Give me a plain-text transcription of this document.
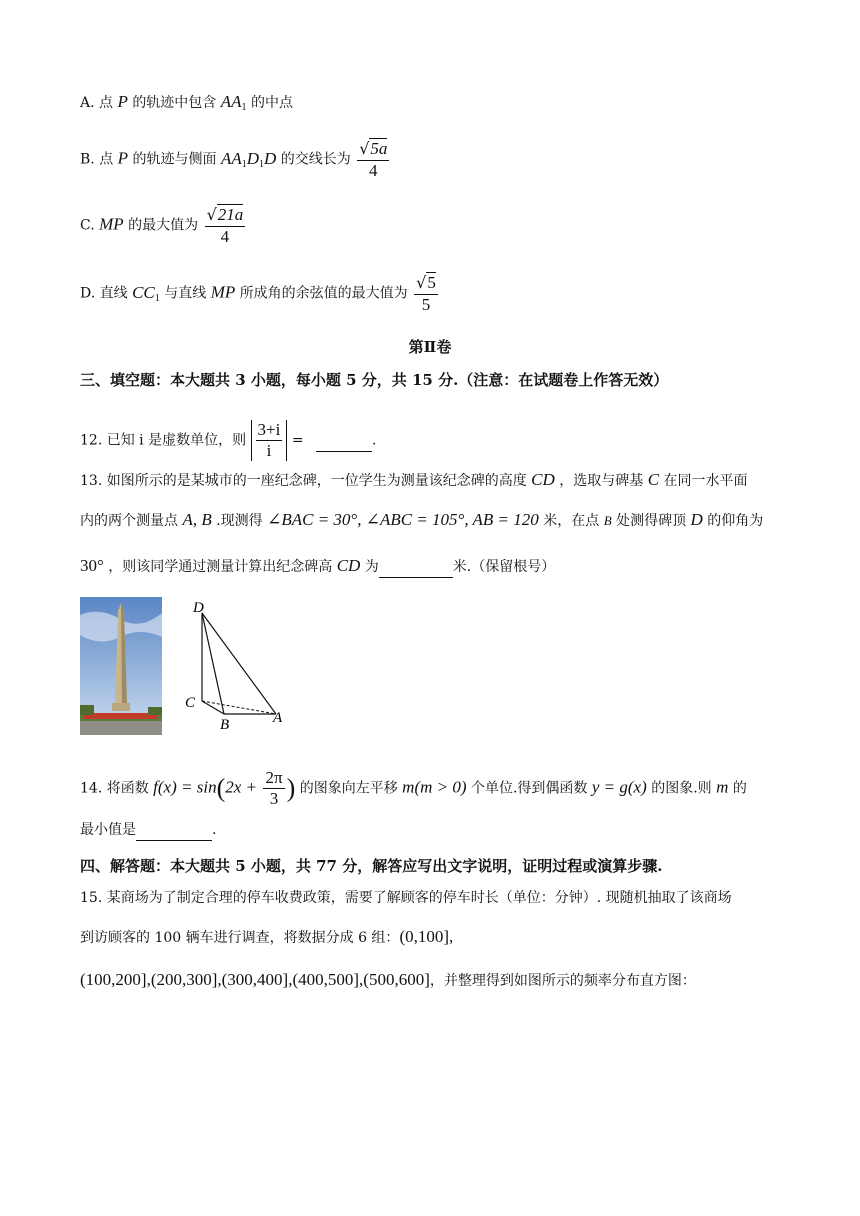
A. 点 P 的轨迹中包含 $AA_1$ 的中点
B. 点 P 的轨迹与侧面 $AA_1D_1D$ 的交线长为 $\frac{√5a}{4}$
C. MP 的最大值为 $\frac{√21a}{4}$
D. 直线 $CC_1$ 与直线 MP 所成角的余弦值的最大值为 $\frac{√5}{5}$
第Ⅱ卷
三、填空题：本大题共 3 小题，每小题 5 分，共 15 分.（注意：在试题卷上作答无效）
12. 已知 i 是虚数单位，则 $\frac{3+i}{i}$ =	.
13. 如图所示的是某城市的一座纪念碑，一位学生为测量该纪念碑的高度 CD ，选取与碑基 C 在同一水平面
内的两个测量点 A, B .现测得 ∠BAC = 30°, ∠ABC = 105°, AB = 120 米，在点 B 处测得碑顶 D 的仰角为
30° ，则该同学通过测量计算出纪念碑高 CD 为	米.（保留根号）
D
C
B	A
14. 将函数 $f(x) = \sin(2x + \frac{2\pi}{3}$ ) 的图象向左平移 m(m > 0) 个单位.得到偶函数 y = g(x) 的图象.则 m 的
最小值是	.
四、解答题：本大题共 5 小题，共 77 分，解答应写出文字说明，证明过程或演算步骤.
15. 某商场为了制定合理的停车收费政策，需要了解顾客的停车时长（单位：分钟）. 现随机抽取了该商场
到访顾客的 100 辆车进行调查，将数据分成 6 组：(0,100],
(100,200],(200,300],(300,400],(400,500],(500,600]，并整理得到如图所示的频率分布直方图：
